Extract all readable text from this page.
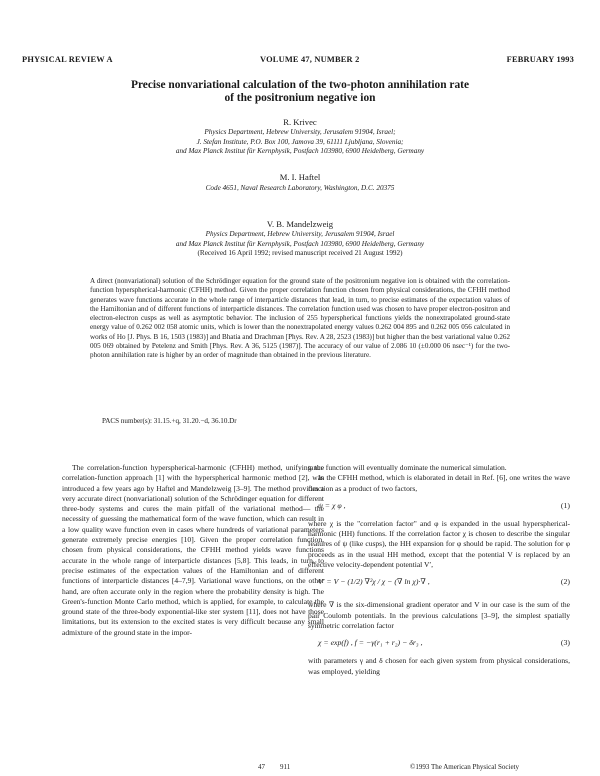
PHYSICAL REVIEW A	VOLUME 47, NUMBER 2	FEBRUARY 1993
Precise nonvariational calculation of the two-photon annihilation rate
of the positronium negative ion
R. Krivec
Physics Department, Hebrew University, Jerusalem 91904, Israel;
J. Stefan Institute, P.O. Box 100, Jamova 39, 61111 Ljubljana, Slovenia;
and Max Planck Institut für Kernphysik, Postfach 103980, 6900 Heidelberg, Germany
M. I. Haftel
Code 4651, Naval Research Laboratory, Washington, D.C. 20375
V. B. Mandelzweig
Physics Department, Hebrew University, Jerusalem 91904, Israel
and Max Planck Institut für Kernphysik, Postfach 103980, 6900 Heidelberg, Germany
(Received 16 April 1992; revised manuscript received 21 August 1992)
A direct (nonvariational) solution of the Schrödinger equation for the ground state of the positronium negative ion is obtained with the correlation-function hyperspherical-harmonic (CFHH) method. Given the proper correlation function chosen from physical considerations, the CFHH method generates wave functions accurate in the whole range of interparticle distances that lead, in turn, to precise estimates of the expectation values of the Hamiltonian and of different functions of interparticle distances. The correlation function used was chosen to have proper electron-positron and electron-electron cusps as well as asymptotic behavior. The inclusion of 255 hyperspherical functions yields the nonextrapolated ground-state energy value of 0.262 002 058 atomic units, which is lower than the nonextrapolated energy values 0.262 004 895 and 0.262 005 056 calculated in works of Ho [J. Phys. B 16, 1503 (1983)] and Bhatia and Drachman [Phys. Rev. A 28, 2523 (1983)] but higher than the best variational value 0.262 005 069 obtained by Petelenz and Smith [Phys. Rev. A 36, 5125 (1987)]. The accuracy of our value of 2.086 10 (±0.000 06 nsec⁻¹) for the two-photon annihilation rate is higher by an order of magnitude than obtained in the previous literature.
PACS number(s): 31.15.+q, 31.20.−d, 36.10.Dr

The correlation-function hyperspherical-harmonic (CFHH) method, unifying the correlation-function approach [1] with the hyperspherical harmonic method [2], was introduced a few years ago by Haftel and Mandelzweig [3–9]. The method provides a very accurate direct (nonvariational) solution of the Schrödinger equation for different three-body systems and cures the main pitfall of the variational method— the necessity of guessing the mathematical form of the wave function, which can result in a low quality wave function even in cases where hundreds of variational parameters generate extremely precise energies [10]. Given the proper correlation function, chosen from physical considerations, the CFHH method yields wave functions accurate in the whole range of interparticle distances [5,8]. This leads, in turn, to precise estimates of the expectation values of the Hamiltonian and of different functions of interparticle distances [4–7,9]. Variational wave functions, on the other hand, are often accurate only in the region where the probability density is high. The Green's-function Monte Carlo method, which is applied, for example, to calculate the ground state of the three-body exponential-like ster system [11], does not have those limitations, but its extension to the excited states is very difficult because any small admixture of the ground state in the impor-

tance function will eventually dominate the numerical simulation.

In the CFHH method, which is elaborated in detail in Ref. [6], one writes the wave function as a product of two factors,

ψ = χ φ ,	(1)

where χ is the "correlation factor" and φ is expanded in the usual hyperspherical-harmonic (HH) functions. If the correlation factor χ is chosen to describe the singular features of ψ (like cusps), the HH expansion for φ should be rapid. The solution for φ proceeds as in the usual HH method, except that the potential V is replaced by an effective velocity-dependent potential V′,

V′ = V − (1/2) ∇²χ / χ − (∇ ln χ)·∇ ,	(2)

where ∇ is the six-dimensional gradient operator and V in our case is the sum of the pair Coulomb potentials. In the previous calculations [3–9], the simplest spatially symmetric correlation factor

χ = exp(f) , f = −γ(r₁ + r₂) − δr₃ ,	(3)

with parameters γ and δ chosen for each given system from physical considerations, was employed, yielding

47 911	©1993 The American Physical Society
